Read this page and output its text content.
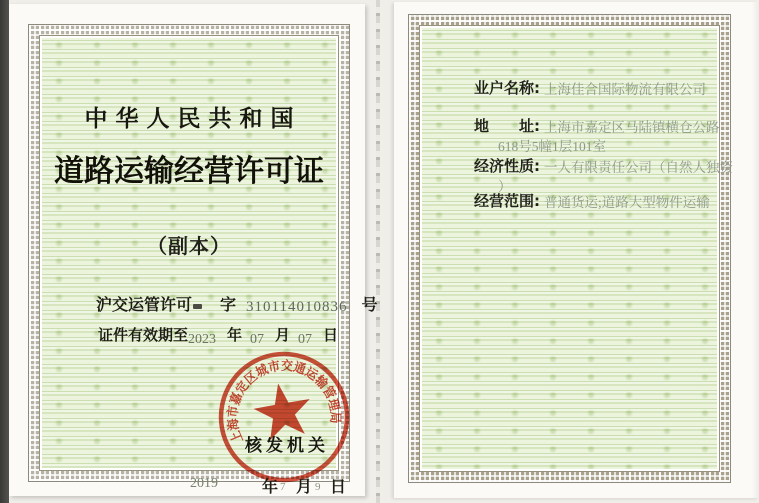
中华人民共和国
道路运输经营许可证
（副本）
沪交运管许可 字 310114010836 号
证件有效期至2023 年 07 月 07 日
上海市嘉定区城市交通运输管理局
核发机关
2019	年 7 月 9 日
业户名称: 上海佳合国际物流有限公司
地　　址: 上海市嘉定区马陆镇横仓公路
618号5幢1层101室
经济性质: 一人有限责任公司（自然人独资
）
经营范围: 普通货运;道路大型物件运输
